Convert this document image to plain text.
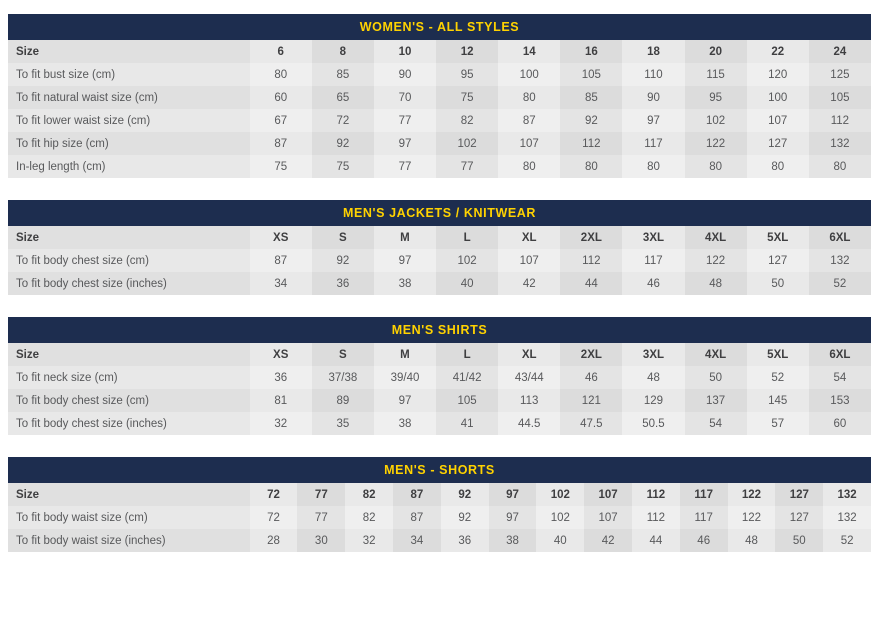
WOMEN'S - ALL STYLES
Size	6	8	10	12	14	16	18	20	22	24
To fit bust size (cm)	80	85	90	95	100	105	110	115	120	125
To fit natural waist size (cm)	60	65	70	75	80	85	90	95	100	105
To fit lower waist size (cm)	67	72	77	82	87	92	97	102	107	112
To fit hip size (cm)	87	92	97	102	107	112	117	122	127	132
In-leg length (cm)	75	75	77	77	80	80	80	80	80	80
MEN'S JACKETS / KNITWEAR
Size	XS	S	M	L	XL	2XL	3XL	4XL	5XL	6XL
To fit body chest size (cm)	87	92	97	102	107	112	117	122	127	132
To fit body chest size (inches)	34	36	38	40	42	44	46	48	50	52
MEN'S SHIRTS
Size	XS	S	M	L	XL	2XL	3XL	4XL	5XL	6XL
To fit neck size (cm)	36	37/38	39/40	41/42	43/44	46	48	50	52	54
To fit body chest size (cm)	81	89	97	105	113	121	129	137	145	153
To fit body chest size (inches)	32	35	38	41	44.5	47.5	50.5	54	57	60
MEN'S - SHORTS
Size	72	77	82	87	92	97	102	107	112	117	122	127	132
To fit body waist size (cm)	72	77	82	87	92	97	102	107	112	117	122	127	132
To fit body waist size (inches)	28	30	32	34	36	38	40	42	44	46	48	50	52
